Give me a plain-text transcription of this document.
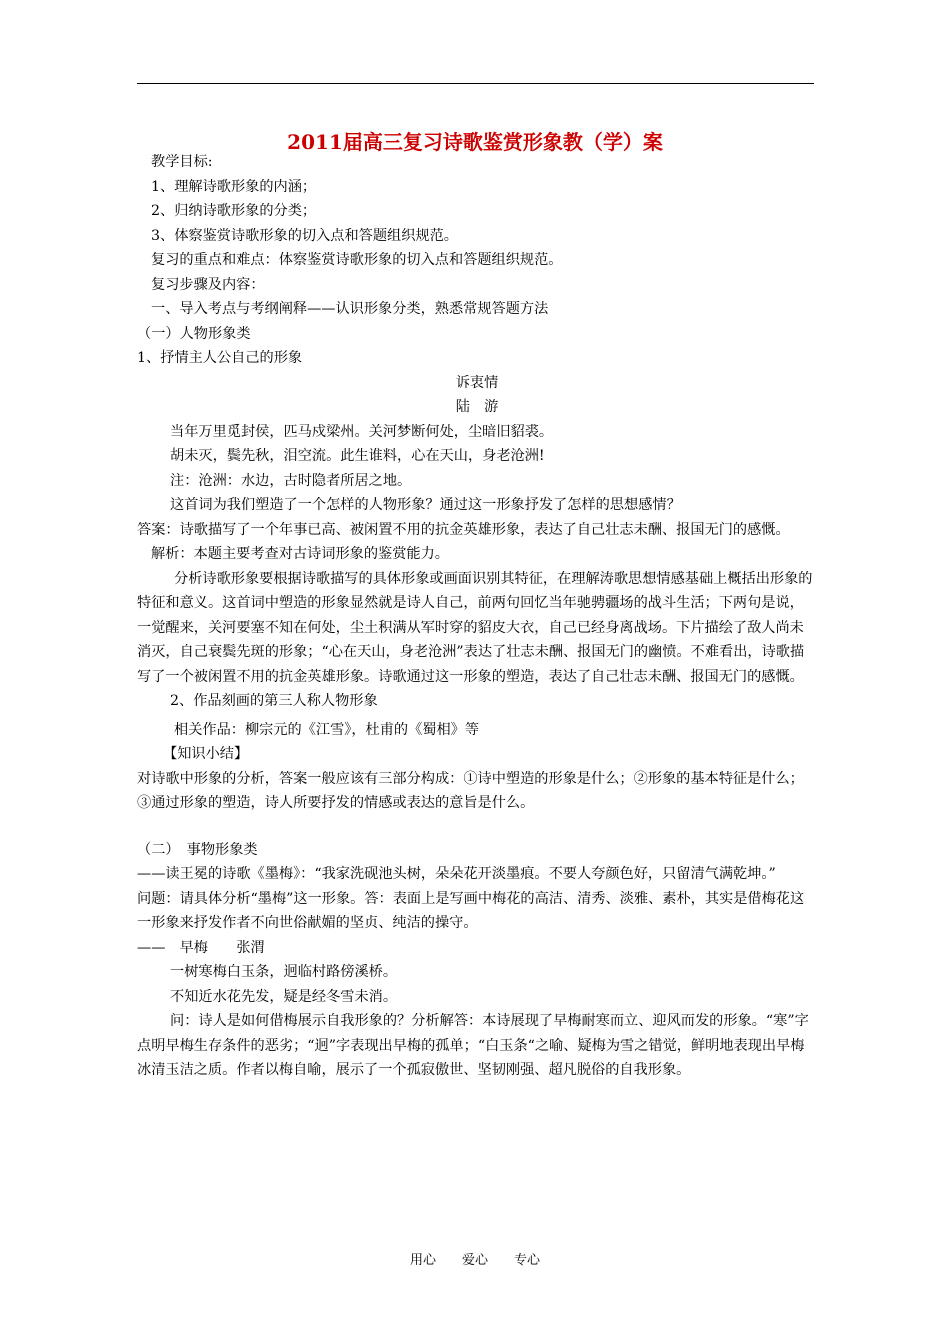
2011届高三复习诗歌鉴赏形象教（学）案

教学目标:

1、理解诗歌形象的内涵；

2、归纳诗歌形象的分类；

3、体察鉴赏诗歌形象的切入点和答题组织规范。

复习的重点和难点：体察鉴赏诗歌形象的切入点和答题组织规范。

复习步骤及内容：

一、导入考点与考纲阐释——认识形象分类，熟悉常规答题方法

（一）人物形象类

1、抒情主人公自己的形象

诉衷情

陆　游

当年万里觅封侯，匹马戍梁州。关河梦断何处，尘暗旧貂裘。

胡未灭，鬓先秋，泪空流。此生谁料，心在天山，身老沧洲!

注：沧洲：水边，古时隐者所居之地。

这首词为我们塑造了一个怎样的人物形象？通过这一形象抒发了怎样的思想感情？

答案：诗歌描写了一个年事已高、被闲置不用的抗金英雄形象，表达了自己壮志未酬、报国无门的感慨。

解析：本题主要考查对古诗词形象的鉴赏能力。

分析诗歌形象要根据诗歌描写的具体形象或画面识别其特征，在理解涛歌思想情感基础上概括出形象的特征和意义。这首词中塑造的形象显然就是诗人自己，前两句回忆当年驰骋疆场的战斗生活；下两句是说，一觉醒来，关河要塞不知在何处，尘土积满从军时穿的貂皮大衣，自己已经身离战场。下片描绘了敌人尚未消灭，自己衰鬓先斑的形象；“心在天山，身老沧洲”表达了壮志未酬、报国无门的幽愤。不难看出，诗歌描写了一个被闲置不用的抗金英雄形象。诗歌通过这一形象的塑造，表达了自己壮志未酬、报国无门的感慨。

2、作品刻画的第三人称人物形象

相关作品：柳宗元的《江雪》，杜甫的《蜀相》等

【知识小结】

对诗歌中形象的分析，答案一般应该有三部分构成：①诗中塑造的形象是什么；②形象的基本特征是什么；③通过形象的塑造，诗人所要抒发的情感或表达的意旨是什么。

（二）　事物形象类

——读王冕的诗歌《墨梅》：“我家洗砚池头树，朵朵花开淡墨痕。不要人夸颜色好，只留清气满乾坤。”

问题：请具体分析“墨梅”这一形象。答：表面上是写画中梅花的高洁、清秀、淡雅、素朴，其实是借梅花这一形象来抒发作者不向世俗献媚的坚贞、纯洁的操守。

——　早梅　　张渭

一树寒梅白玉条，迥临村路傍溪桥。

不知近水花先发，疑是经冬雪未消。

问：诗人是如何借梅展示自我形象的？分析解答：本诗展现了早梅耐寒而立、迎风而发的形象。“寒”字点明早梅生存条件的恶劣；“迥”字表现出早梅的孤单；“白玉条“之喻、疑梅为雪之错觉，鲜明地表现出早梅冰清玉洁之质。作者以梅自喻，展示了一个孤寂傲世、坚韧刚强、超凡脱俗的自我形象。

用心　　爱心　　专心
